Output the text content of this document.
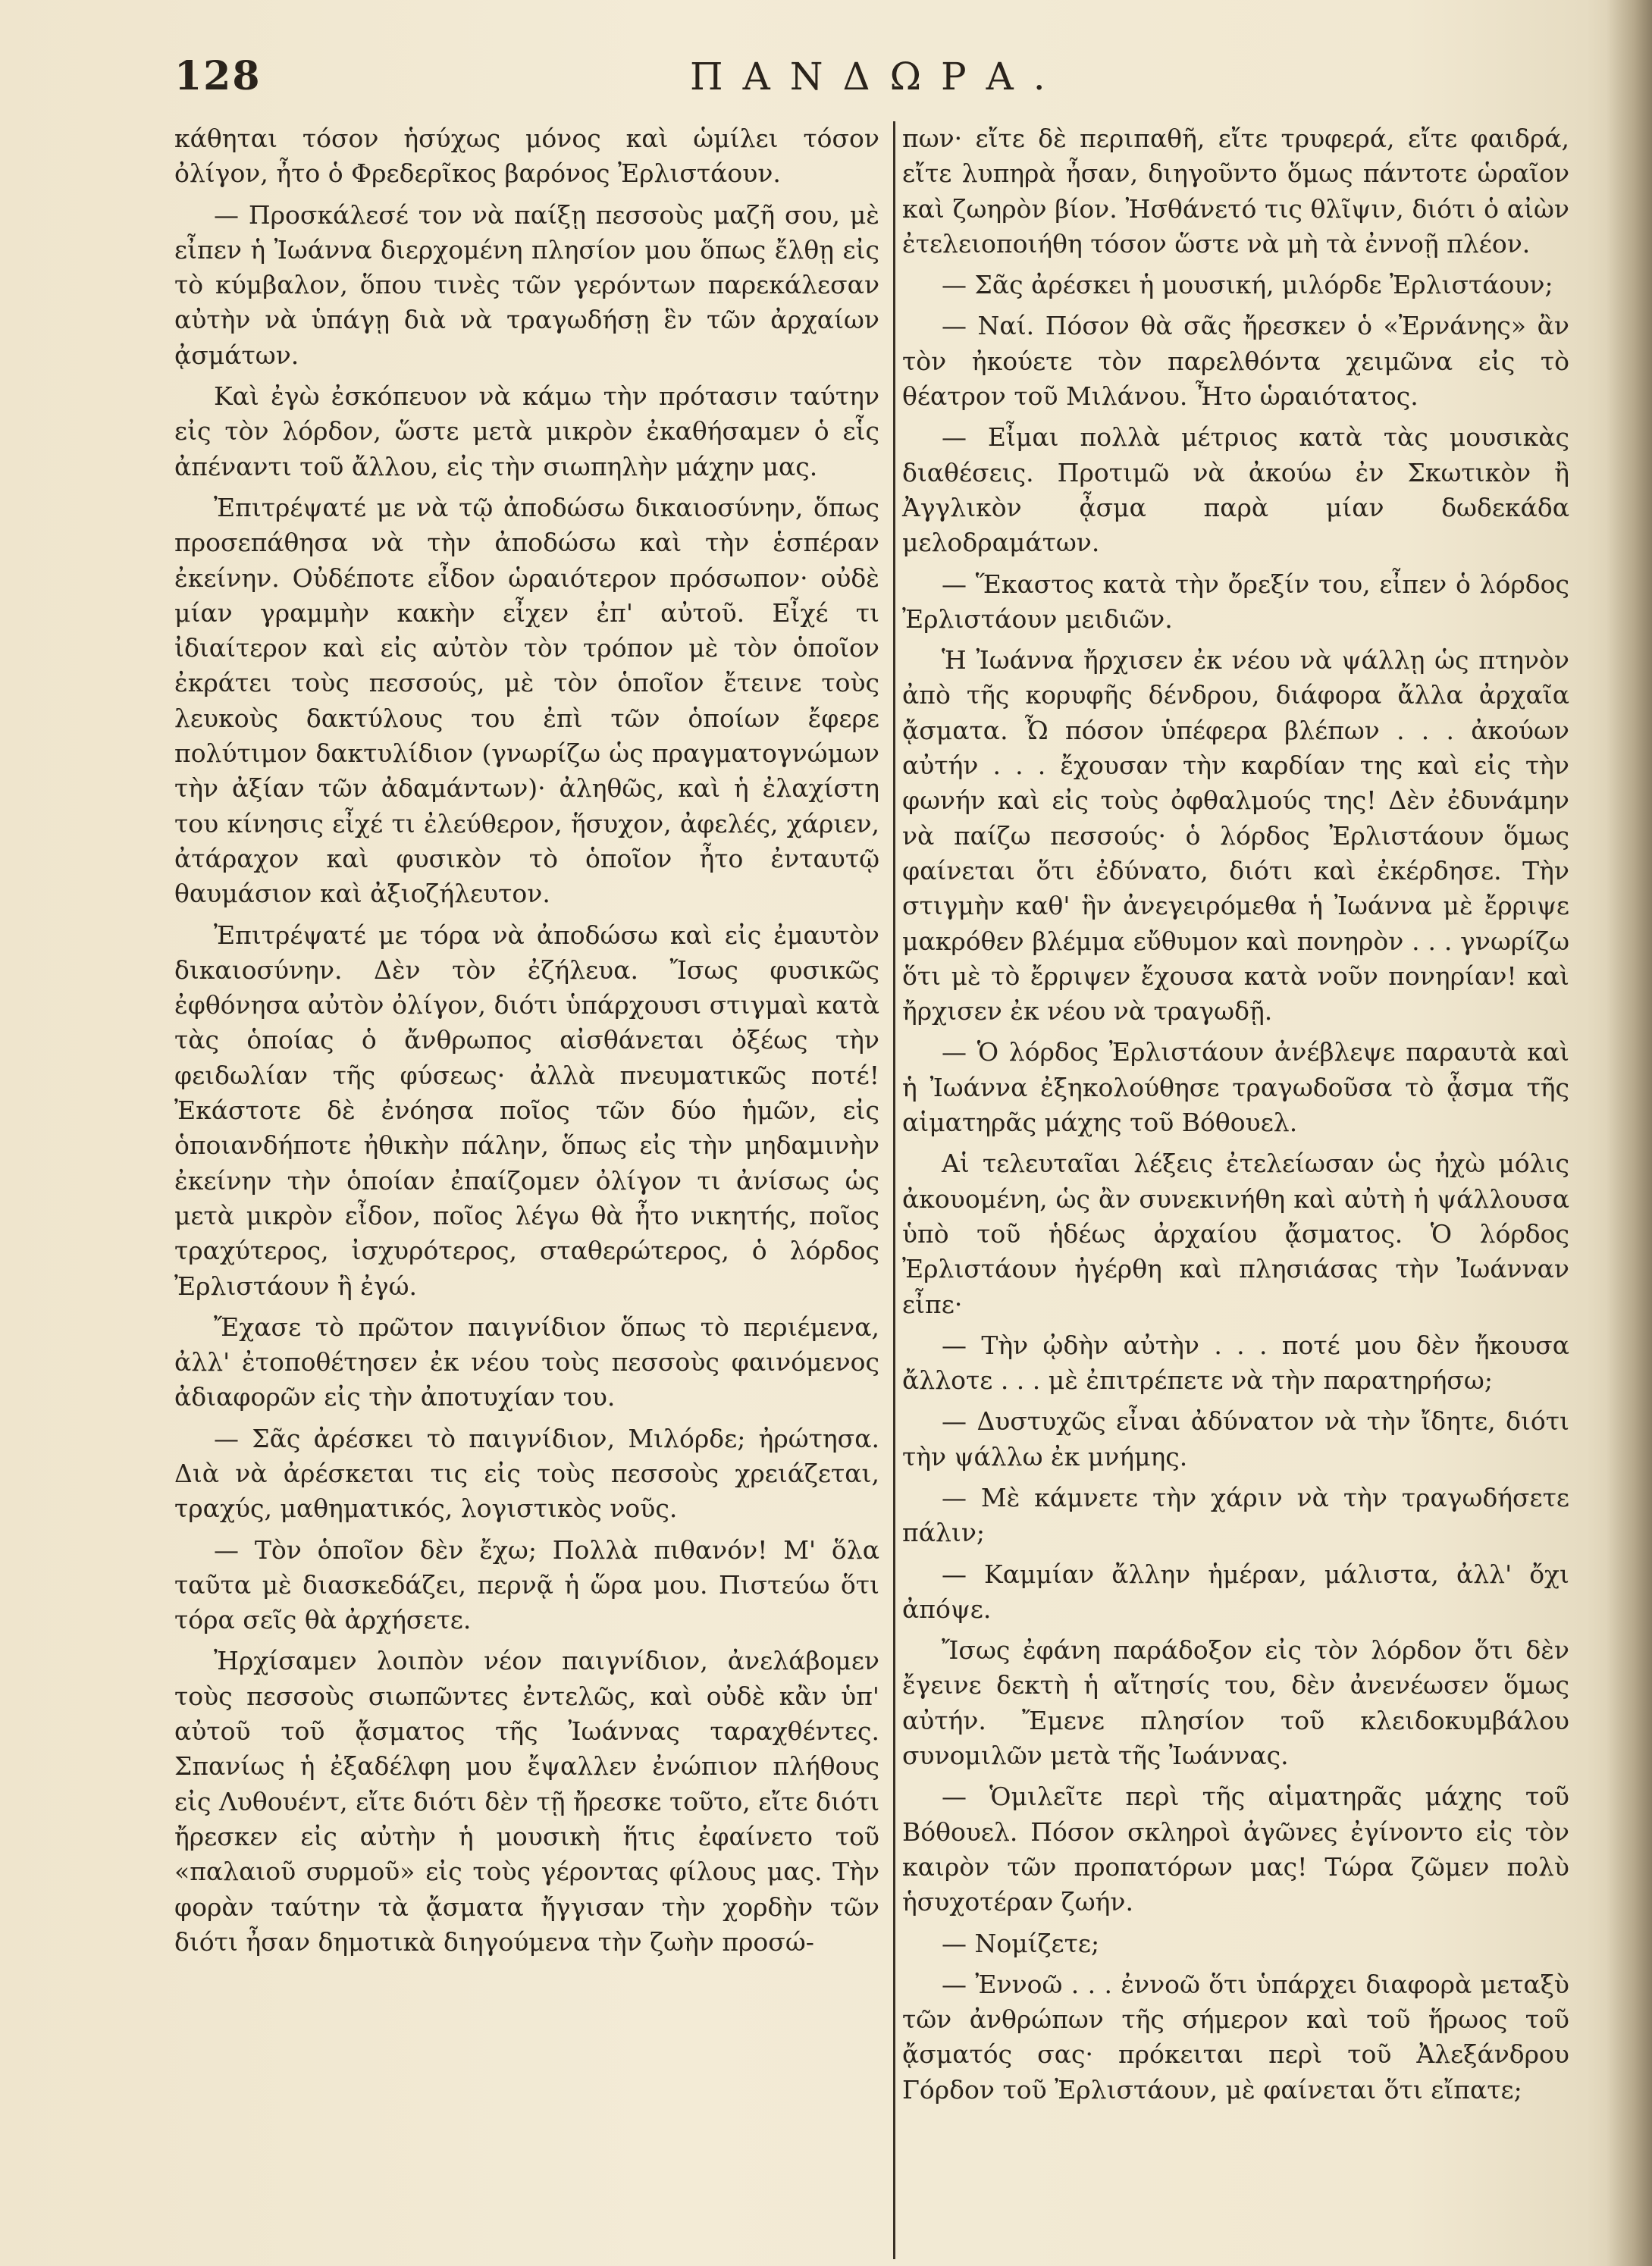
128	ΠΑΝΔΩΡΑ.

κάθηται τόσον ἡσύχως μόνος καὶ ὡμίλει τόσον ὀλίγον, ἦτο ὁ Φρεδερῖκος βαρόνος Ἐρλιστάουν.

— Προσκάλεσέ τον νὰ παίξῃ πεσσοὺς μαζῆ σου, μὲ εἶπεν ἡ Ἰωάννα διερχομένη πλησίον μου ὅπως ἔλθῃ εἰς τὸ κύμβαλον, ὅπου τινὲς τῶν γερόντων παρεκάλεσαν αὐτὴν νὰ ὑπάγῃ διὰ νὰ τραγωδήσῃ ἓν τῶν ἀρχαίων ᾀσμάτων.

Καὶ ἐγὼ ἐσκόπευον νὰ κάμω τὴν πρότασιν ταύτην εἰς τὸν λόρδον, ὥστε μετὰ μικρὸν ἐκαθήσαμεν ὁ εἷς ἀπέναντι τοῦ ἄλλου, εἰς τὴν σιωπηλὴν μάχην μας.

Ἐπιτρέψατέ με νὰ τῷ ἀποδώσω δικαιοσύνην, ὅπως προσεπάθησα νὰ τὴν ἀποδώσω καὶ τὴν ἑσπέραν ἐκείνην. Οὐδέποτε εἶδον ὡραιότερον πρόσωπον· οὐδὲ μίαν γραμμὴν κακὴν εἶχεν ἐπ' αὐτοῦ. Εἶχέ τι ἰδιαίτερον καὶ εἰς αὐτὸν τὸν τρόπον μὲ τὸν ὁποῖον ἐκράτει τοὺς πεσσούς, μὲ τὸν ὁποῖον ἔτεινε τοὺς λευκοὺς δακτύλους του ἐπὶ τῶν ὁποίων ἔφερε πολύτιμον δακτυλίδιον (γνωρίζω ὡς πραγματογνώμων τὴν ἀξίαν τῶν ἀδαμάντων)· ἀληθῶς, καὶ ἡ ἐλαχίστη του κίνησις εἶχέ τι ἐλεύθερον, ἥσυχον, ἀφελές, χάριεν, ἀτάραχον καὶ φυσικὸν τὸ ὁποῖον ἦτο ἐνταυτῷ θαυμάσιον καὶ ἀξιοζήλευτον.

Ἐπιτρέψατέ με τόρα νὰ ἀποδώσω καὶ εἰς ἐμαυτὸν δικαιοσύνην. Δὲν τὸν ἐζήλευα. Ἴσως φυσικῶς ἐφθόνησα αὐτὸν ὀλίγον, διότι ὑπάρχουσι στιγμαὶ κατὰ τὰς ὁποίας ὁ ἄνθρωπος αἰσθάνεται ὀξέως τὴν φειδωλίαν τῆς φύσεως· ἀλλὰ πνευματικῶς ποτέ! Ἐκάστοτε δὲ ἐνόησα ποῖος τῶν δύο ἡμῶν, εἰς ὁποιανδήποτε ἠθικὴν πάλην, ὅπως εἰς τὴν μηδαμινὴν ἐκείνην τὴν ὁποίαν ἐπαίζομεν ὀλίγον τι ἀνίσως ὡς μετὰ μικρὸν εἶδον, ποῖος λέγω θὰ ἦτο νικητής, ποῖος τραχύτερος, ἰσχυρότερος, σταθερώτερος, ὁ λόρδος Ἐρλιστάουν ἢ ἐγώ.

Ἔχασε τὸ πρῶτον παιγνίδιον ὅπως τὸ περιέμενα, ἀλλ' ἐτοποθέτησεν ἐκ νέου τοὺς πεσσοὺς φαινόμενος ἀδιαφορῶν εἰς τὴν ἀποτυχίαν του.

— Σᾶς ἀρέσκει τὸ παιγνίδιον, Μιλόρδε; ἠρώτησα. Διὰ νὰ ἀρέσκεται τις εἰς τοὺς πεσσοὺς χρειάζεται, τραχύς, μαθηματικός, λογιστικὸς νοῦς.

— Τὸν ὁποῖον δὲν ἔχω; Πολλὰ πιθανόν! Μ' ὅλα ταῦτα μὲ διασκεδάζει, περνᾷ ἡ ὥρα μου. Πιστεύω ὅτι τόρα σεῖς θὰ ἀρχήσετε.

Ἠρχίσαμεν λοιπὸν νέον παιγνίδιον, ἀνελάβομεν τοὺς πεσσοὺς σιωπῶντες ἐντελῶς, καὶ οὐδὲ κἂν ὑπ' αὐτοῦ τοῦ ᾄσματος τῆς Ἰωάννας ταραχθέντες. Σπανίως ἡ ἐξαδέλφη μου ἔψαλλεν ἐνώπιον πλήθους εἰς Λυθουέντ, εἴτε διότι δὲν τῇ ἤρεσκε τοῦτο, εἴτε διότι ἤρεσκεν εἰς αὐτὴν ἡ μουσικὴ ἥτις ἐφαίνετο τοῦ «παλαιοῦ συρμοῦ» εἰς τοὺς γέροντας φίλους μας. Τὴν φορὰν ταύτην τὰ ᾄσματα ἤγγισαν τὴν χορδὴν τῶν διότι ἦσαν δημοτικὰ διηγούμενα τὴν ζωὴν προσώ-

πων· εἴτε δὲ περιπαθῆ, εἴτε τρυφερά, εἴτε φαιδρά, εἴτε λυπηρὰ ἦσαν, διηγοῦντο ὅμως πάντοτε ὡραῖον καὶ ζωηρὸν βίον. Ἠσθάνετό τις θλῖψιν, διότι ὁ αἰὼν ἐτελειοποιήθη τόσον ὥστε νὰ μὴ τὰ ἐννοῇ πλέον.

— Σᾶς ἀρέσκει ἡ μουσική, μιλόρδε Ἐρλιστάουν;

— Ναί. Πόσον θὰ σᾶς ἤρεσκεν ὁ «Ἐρνάνης» ἂν τὸν ἠκούετε τὸν παρελθόντα χειμῶνα εἰς τὸ θέατρον τοῦ Μιλάνου. Ἦτο ὡραιότατος.

— Εἶμαι πολλὰ μέτριος κατὰ τὰς μουσικὰς διαθέσεις. Προτιμῶ νὰ ἀκούω ἐν Σκωτικὸν ἢ Ἀγγλικὸν ᾆσμα παρὰ μίαν δωδεκάδα μελοδραμάτων.

— Ἕκαστος κατὰ τὴν ὄρεξίν του, εἶπεν ὁ λόρδος Ἐρλιστάουν μειδιῶν.

Ἡ Ἰωάννα ἤρχισεν ἐκ νέου νὰ ψάλλῃ ὡς πτηνὸν ἀπὸ τῆς κορυφῆς δένδρου, διάφορα ἄλλα ἀρχαῖα ᾄσματα. Ὦ πόσον ὑπέφερα βλέπων . . . ἀκούων αὐτήν . . . ἔχουσαν τὴν καρδίαν της καὶ εἰς τὴν φωνήν καὶ εἰς τοὺς ὀφθαλμούς της! Δὲν ἐδυνάμην νὰ παίζω πεσσούς· ὁ λόρδος Ἐρλιστάουν ὅμως φαίνεται ὅτι ἐδύνατο, διότι καὶ ἐκέρδησε. Τὴν στιγμὴν καθ' ἣν ἀνεγειρόμεθα ἡ Ἰωάννα μὲ ἔρριψε μακρόθεν βλέμμα εὔθυμον καὶ πονηρὸν . . . γνωρίζω ὅτι μὲ τὸ ἔρριψεν ἔχουσα κατὰ νοῦν πονηρίαν! καὶ ἤρχισεν ἐκ νέου νὰ τραγωδῇ.

— Ὁ λόρδος Ἐρλιστάουν ἀνέβλεψε παραυτὰ καὶ ἡ Ἰωάννα ἐξηκολούθησε τραγωδοῦσα τὸ ᾆσμα τῆς αἱματηρᾶς μάχης τοῦ Βόθουελ.

Αἱ τελευταῖαι λέξεις ἐτελείωσαν ὡς ἠχὼ μόλις ἀκουομένη, ὡς ἂν συνεκινήθη καὶ αὐτὴ ἡ ψάλλουσα ὑπὸ τοῦ ἡδέως ἀρχαίου ᾄσματος. Ὁ λόρδος Ἐρλιστάουν ἠγέρθη καὶ πλησιάσας τὴν Ἰωάνναν εἶπε·

— Τὴν ᾠδὴν αὐτὴν . . . ποτέ μου δὲν ἤκουσα ἄλλοτε . . . μὲ ἐπιτρέπετε νὰ τὴν παρατηρήσω;

— Δυστυχῶς εἶναι ἀδύνατον νὰ τὴν ἴδητε, διότι τὴν ψάλλω ἐκ μνήμης.

— Μὲ κάμνετε τὴν χάριν νὰ τὴν τραγωδήσετε πάλιν;

— Καμμίαν ἄλλην ἡμέραν, μάλιστα, ἀλλ' ὄχι ἀπόψε.

Ἴσως ἐφάνη παράδοξον εἰς τὸν λόρδον ὅτι δὲν ἔγεινε δεκτὴ ἡ αἴτησίς του, δὲν ἀνενέωσεν ὅμως αὐτήν. Ἔμενε πλησίον τοῦ κλειδοκυμβάλου συνομιλῶν μετὰ τῆς Ἰωάννας.

— Ὁμιλεῖτε περὶ τῆς αἱματηρᾶς μάχης τοῦ Βόθουελ. Πόσον σκληροὶ ἀγῶνες ἐγίνοντο εἰς τὸν καιρὸν τῶν προπατόρων μας! Τώρα ζῶμεν πολὺ ἡσυχοτέραν ζωήν.

— Νομίζετε;

— Ἐννοῶ . . . ἐννοῶ ὅτι ὑπάρχει διαφορὰ μεταξὺ τῶν ἀνθρώπων τῆς σήμερον καὶ τοῦ ἥρωος τοῦ ᾄσματός σας· πρόκειται περὶ τοῦ Ἀλεξάνδρου Γόρδον τοῦ Ἐρλιστάουν, μὲ φαίνεται ὅτι εἴπατε;
